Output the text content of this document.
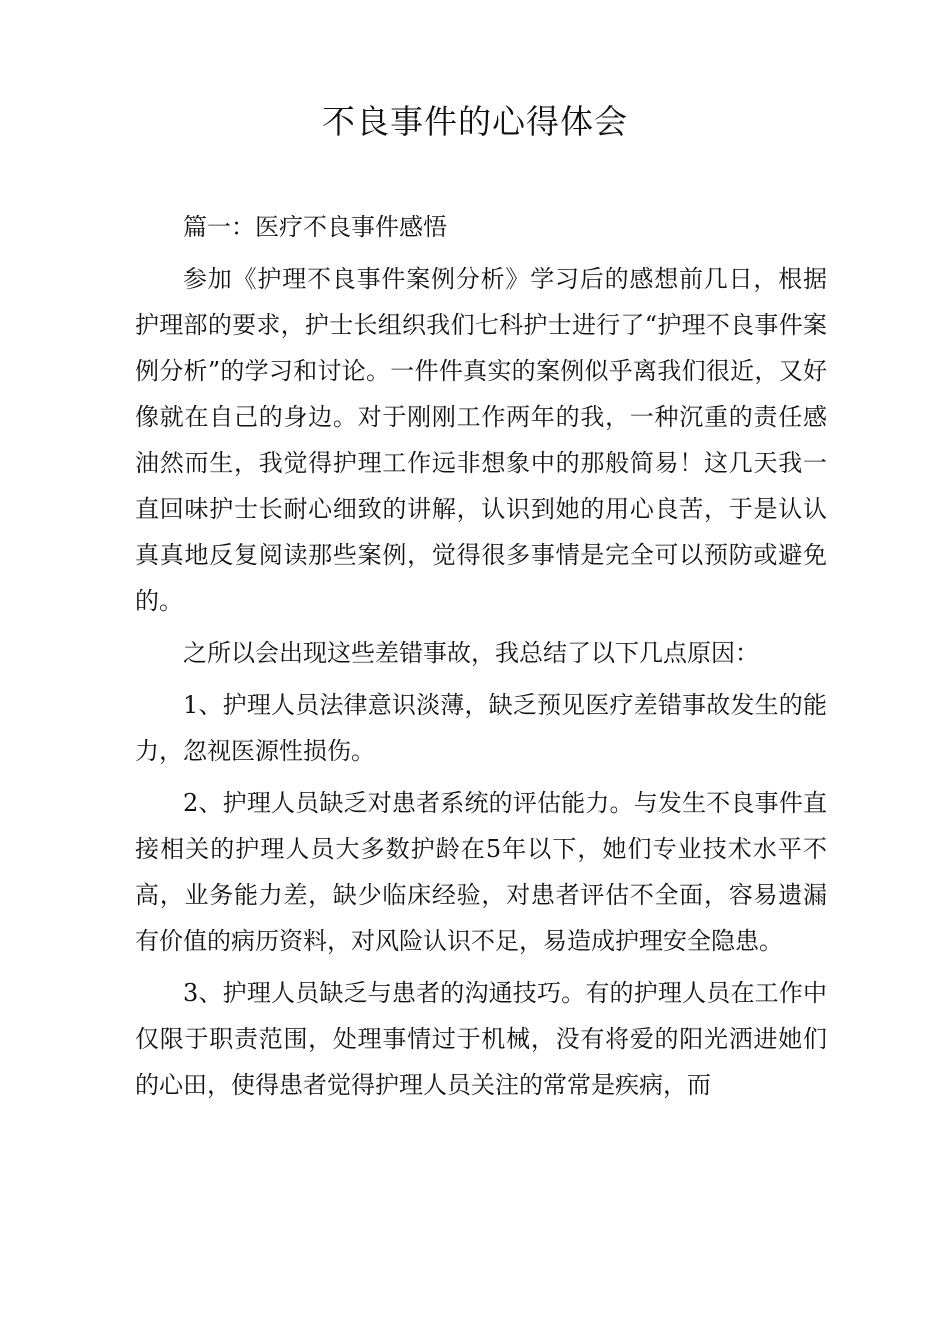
不良事件的心得体会

篇一：医疗不良事件感悟

参加《护理不良事件案例分析》学习后的感想前几日，根据护理部的要求，护士长组织我们七科护士进行了“护理不良事件案例分析”的学习和讨论。一件件真实的案例似乎离我们很近，又好像就在自己的身边。对于刚刚工作两年的我，一种沉重的责任感油然而生，我觉得护理工作远非想象中的那般简易！这几天我一直回味护士长耐心细致的讲解，认识到她的用心良苦，于是认认真真地反复阅读那些案例，觉得很多事情是完全可以预防或避免的。

之所以会出现这些差错事故，我总结了以下几点原因：

1、护理人员法律意识淡薄，缺乏预见医疗差错事故发生的能力，忽视医源性损伤。

2、护理人员缺乏对患者系统的评估能力。与发生不良事件直接相关的护理人员大多数护龄在5年以下，她们专业技术水平不高，业务能力差，缺少临床经验，对患者评估不全面，容易遗漏有价值的病历资料，对风险认识不足，易造成护理安全隐患。

3、护理人员缺乏与患者的沟通技巧。有的护理人员在工作中仅限于职责范围，处理事情过于机械，没有将爱的阳光洒进她们的心田，使得患者觉得护理人员关注的常常是疾病，而
